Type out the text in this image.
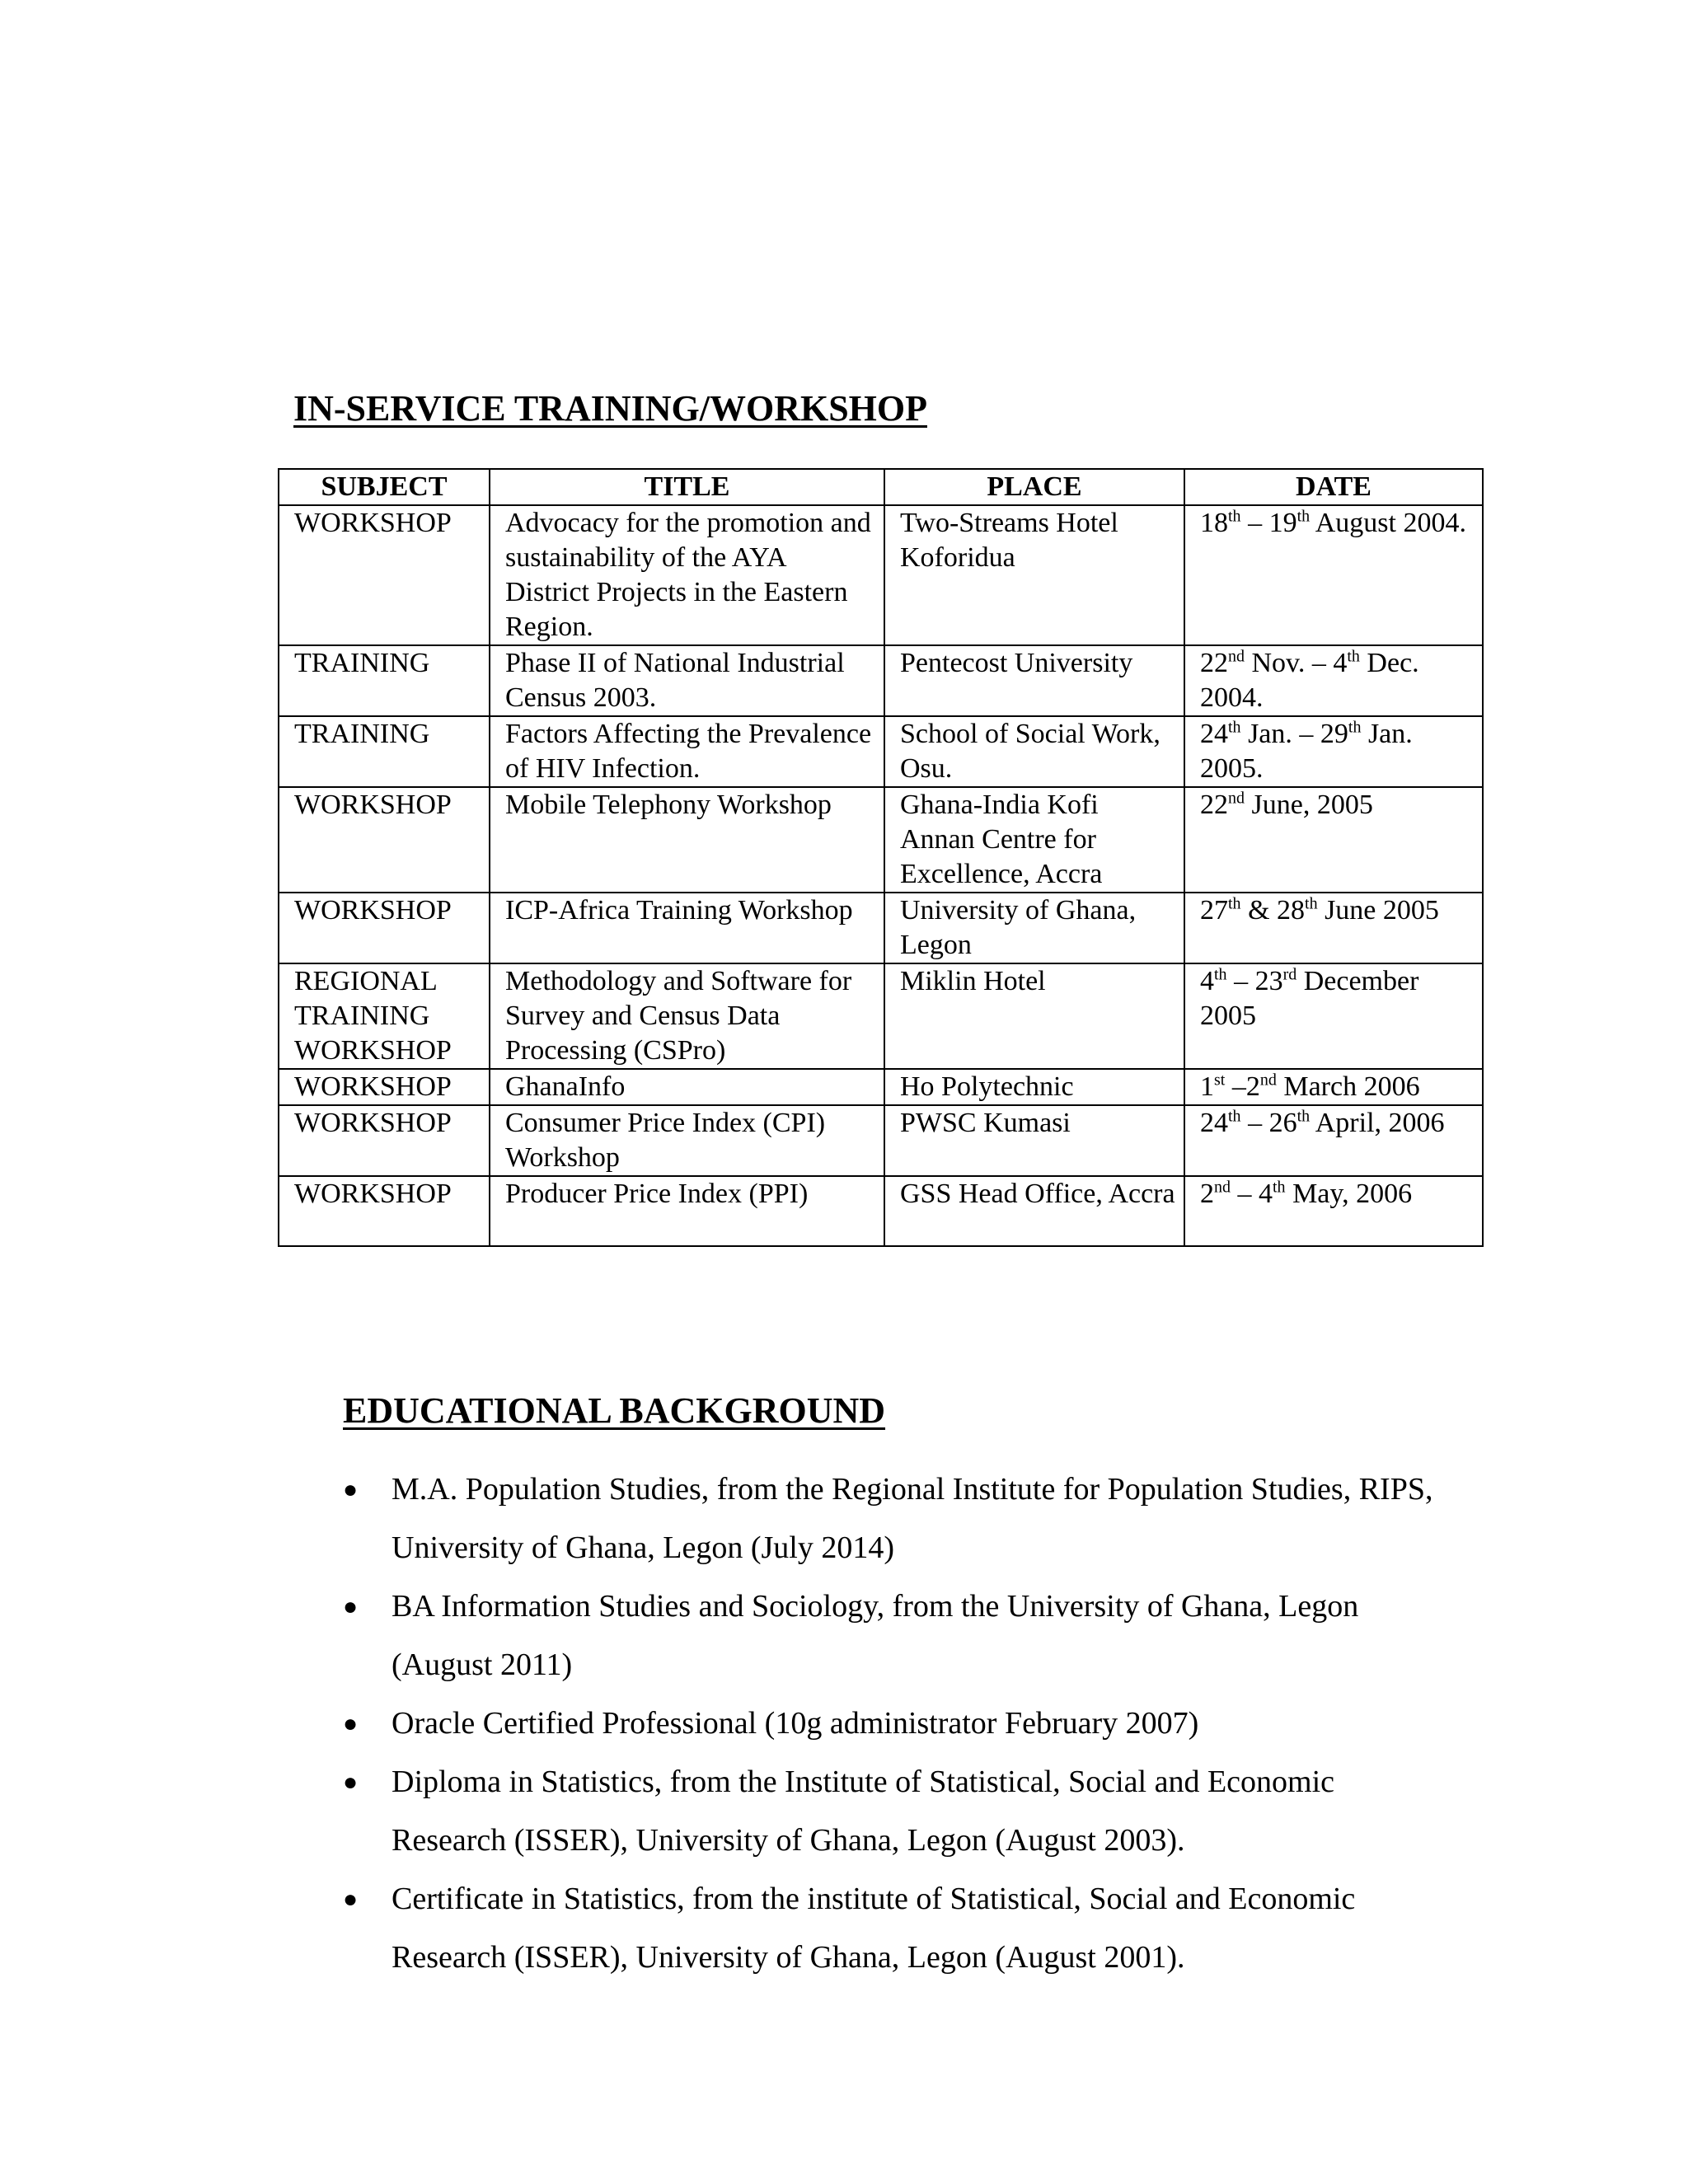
IN-SERVICE TRAINING/WORKSHOP
SUBJECT	TITLE	PLACE	DATE
WORKSHOP	Advocacy for the promotion and sustainability of the AYA District Projects in the Eastern Region.	Two-Streams Hotel Koforidua	18th – 19th August 2004.
TRAINING	Phase II of National Industrial Census 2003.	Pentecost University	22nd Nov. – 4th Dec. 2004.
TRAINING	Factors Affecting the Prevalence of HIV Infection.	School of Social Work, Osu.	24th Jan. – 29th Jan. 2005.
WORKSHOP	Mobile Telephony Workshop	Ghana-India Kofi Annan Centre for Excellence, Accra	22nd June, 2005
WORKSHOP	ICP-Africa Training Workshop	University of Ghana, Legon	27th & 28th June 2005
REGIONAL TRAINING WORKSHOP	Methodology and Software for Survey and Census Data Processing (CSPro)	Miklin Hotel	4th – 23rd December 2005
WORKSHOP	GhanaInfo	Ho Polytechnic	1st –2nd March 2006
WORKSHOP	Consumer Price Index (CPI) Workshop	PWSC Kumasi	24th – 26th April, 2006
WORKSHOP	Producer Price Index (PPI)	GSS Head Office, Accra	2nd – 4th May, 2006
EDUCATIONAL BACKGROUND
● M.A. Population Studies, from the Regional Institute for Population Studies, RIPS, University of Ghana, Legon (July 2014)
● BA Information Studies and Sociology, from the University of Ghana, Legon (August 2011)
● Oracle Certified Professional (10g administrator February 2007)
● Diploma in Statistics, from the Institute of Statistical, Social and Economic Research (ISSER), University of Ghana, Legon (August 2003).
● Certificate in Statistics, from the institute of Statistical, Social and Economic Research (ISSER), University of Ghana, Legon (August 2001).
